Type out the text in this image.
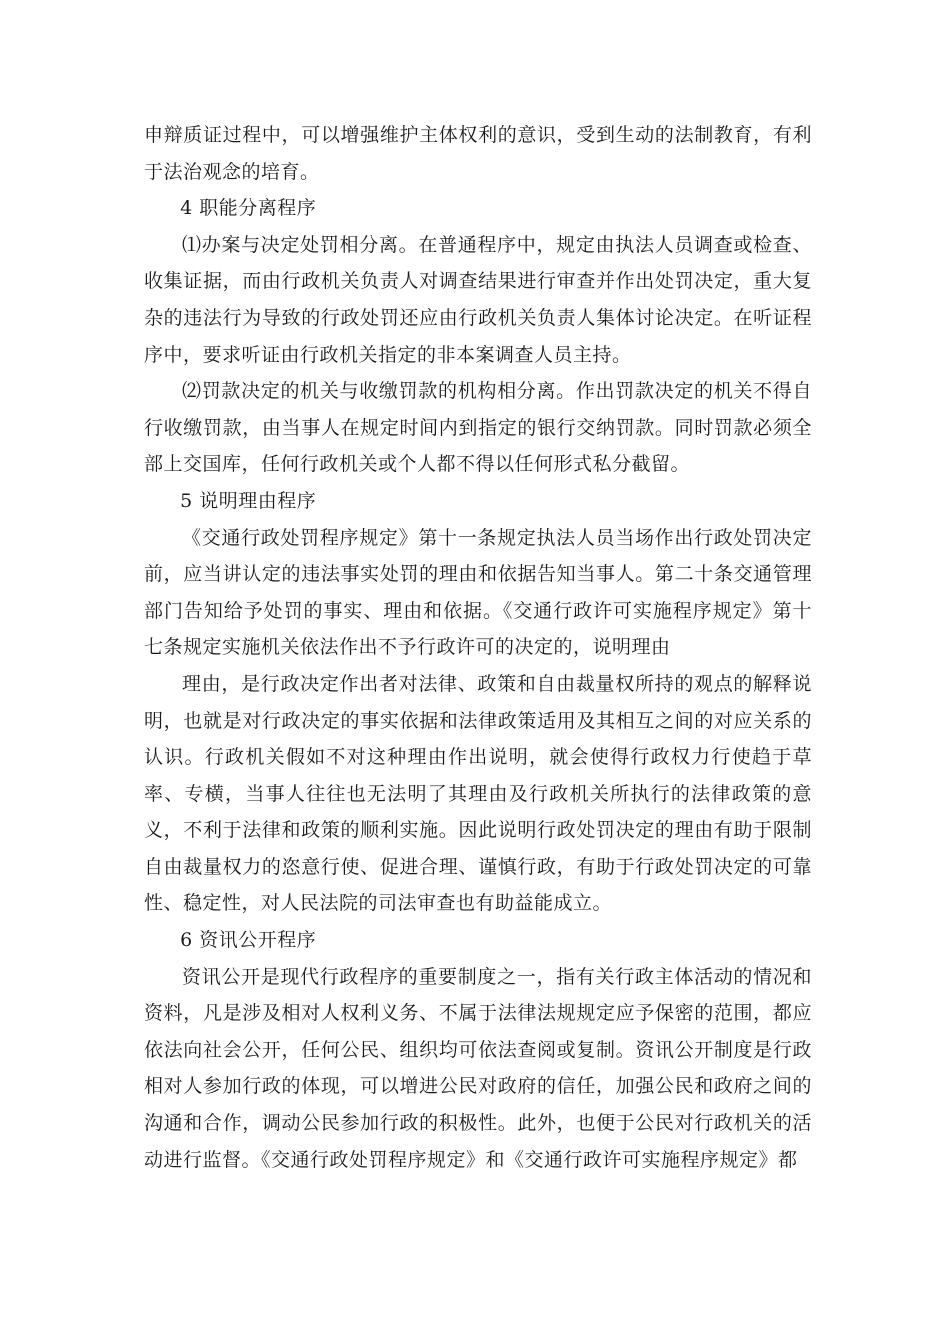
申辩质证过程中，可以增强维护主体权利的意识，受到生动的法制教育，有利于法治观念的培育。

4 职能分离程序

⑴办案与决定处罚相分离。在普通程序中，规定由执法人员调查或检查、收集证据，而由行政机关负责人对调查结果进行审查并作出处罚决定，重大复杂的违法行为导致的行政处罚还应由行政机关负责人集体讨论决定。在听证程序中，要求听证由行政机关指定的非本案调查人员主持。

⑵罚款决定的机关与收缴罚款的机构相分离。作出罚款决定的机关不得自行收缴罚款，由当事人在规定时间内到指定的银行交纳罚款。同时罚款必须全部上交国库，任何行政机关或个人都不得以任何形式私分截留。

5 说明理由程序

《交通行政处罚程序规定》第十一条规定执法人员当场作出行政处罚决定前，应当讲认定的违法事实处罚的理由和依据告知当事人。第二十条交通管理部门告知给予处罚的事实、理由和依据。《交通行政许可实施程序规定》第十七条规定实施机关依法作出不予行政许可的决定的，说明理由

理由，是行政决定作出者对法律、政策和自由裁量权所持的观点的解释说明，也就是对行政决定的事实依据和法律政策适用及其相互之间的对应关系的认识。行政机关假如不对这种理由作出说明，就会使得行政权力行使趋于草率、专横，当事人往往也无法明了其理由及行政机关所执行的法律政策的意义，不利于法律和政策的顺利实施。因此说明行政处罚决定的理由有助于限制自由裁量权力的恣意行使、促进合理、谨慎行政，有助于行政处罚决定的可靠性、稳定性，对人民法院的司法审查也有助益能成立。

6 资讯公开程序

资讯公开是现代行政程序的重要制度之一，指有关行政主体活动的情况和资料，凡是涉及相对人权利义务、不属于法律法规规定应予保密的范围，都应依法向社会公开，任何公民、组织均可依法查阅或复制。资讯公开制度是行政相对人参加行政的体现，可以增进公民对政府的信任，加强公民和政府之间的沟通和合作，调动公民参加行政的积极性。此外，也便于公民对行政机关的活动进行监督。《交通行政处罚程序规定》和《交通行政许可实施程序规定》都
